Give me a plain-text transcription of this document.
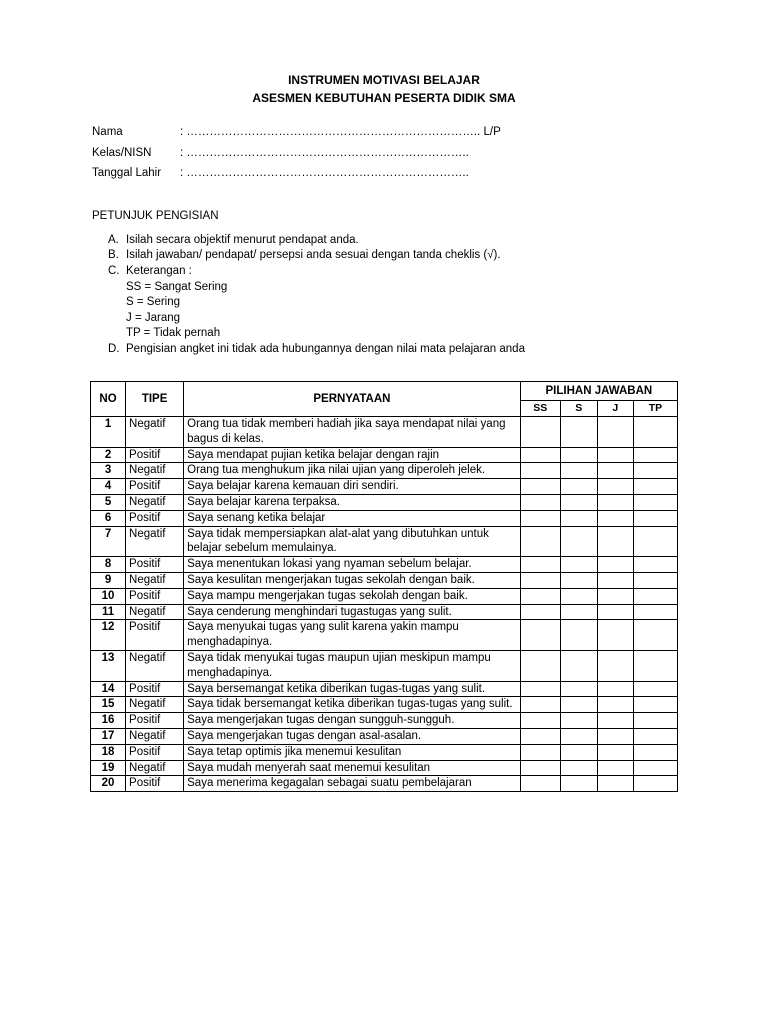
INSTRUMEN MOTIVASI BELAJAR
ASESMEN KEBUTUHAN PESERTA DIDIK SMA
Nama	: ………………………………………………………………….. L/P
Kelas/NISN	: ………………………………………………………………..
Tanggal Lahir	: ………………………………………………………………..
PETUNJUK PENGISIAN
A. Isilah secara objektif menurut pendapat anda.
B. Isilah jawaban/ pendapat/ persepsi anda sesuai dengan tanda cheklis (√).
C. Keterangan :
SS = Sangat Sering
S = Sering
J = Jarang
TP = Tidak pernah
D. Pengisian angket ini tidak ada hubungannya dengan nilai mata pelajaran anda
NO	TIPE	PERNYATAAN	PILIHAN JAWABAN			
			SS	S	J	TP
1	Negatif	Orang tua tidak memberi hadiah jika saya mendapat nilai yang bagus di kelas.				
2	Positif	Saya mendapat pujian ketika belajar dengan rajin				
3	Negatif	Orang tua menghukum jika nilai ujian yang diperoleh jelek.				
4	Positif	Saya belajar karena kemauan diri sendiri.				
5	Negatif	Saya belajar karena terpaksa.				
6	Positif	Saya senang ketika belajar				
7	Negatif	Saya tidak mempersiapkan alat-alat yang dibutuhkan untuk belajar sebelum memulainya.				
8	Positif	Saya menentukan lokasi yang nyaman sebelum belajar.				
9	Negatif	Saya kesulitan mengerjakan tugas sekolah dengan baik.				
10	Positif	Saya mampu mengerjakan tugas sekolah dengan baik.				
11	Negatif	Saya cenderung menghindari tugastugas yang sulit.				
12	Positif	Saya menyukai tugas yang sulit karena yakin mampu menghadapinya.				
13	Negatif	Saya tidak menyukai tugas maupun ujian meskipun mampu menghadapinya.				
14	Positif	Saya bersemangat ketika diberikan tugas-tugas yang sulit.				
15	Negatif	Saya tidak bersemangat ketika diberikan tugas-tugas yang sulit.				
16	Positif	Saya mengerjakan tugas dengan sungguh-sungguh.				
17	Negatif	Saya mengerjakan tugas dengan asal-asalan.				
18	Positif	Saya tetap optimis jika menemui kesulitan				
19	Negatif	Saya mudah menyerah saat menemui kesulitan				
20	Positif	Saya menerima kegagalan sebagai suatu pembelajaran				
